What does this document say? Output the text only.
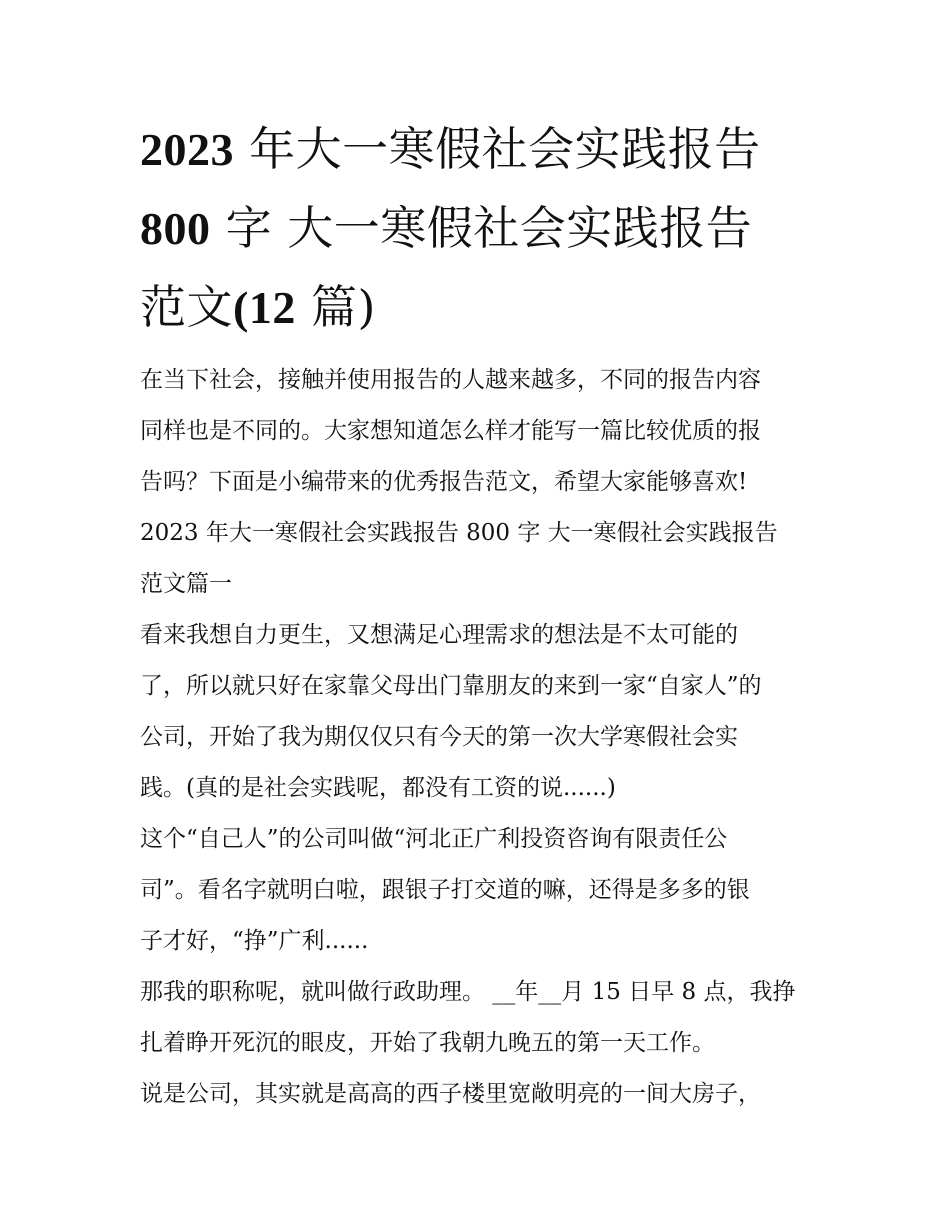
2023 年大一寒假社会实践报告
800 字 大一寒假社会实践报告
范文(12 篇)
在当下社会，接触并使用报告的人越来越多，不同的报告内容
同样也是不同的。大家想知道怎么样才能写一篇比较优质的报
告吗？下面是小编带来的优秀报告范文，希望大家能够喜欢!
2023 年大一寒假社会实践报告 800 字 大一寒假社会实践报告
范文篇一
看来我想自力更生，又想满足心理需求的想法是不太可能的
了，所以就只好在家靠父母出门靠朋友的来到一家“自家人”的
公司，开始了我为期仅仅只有今天的第一次大学寒假社会实
践。(真的是社会实践呢，都没有工资的说......)
这个“自己人”的公司叫做“河北正广利投资咨询有限责任公
司”。看名字就明白啦，跟银子打交道的嘛，还得是多多的银
子才好，“挣”广利......
那我的职称呢，就叫做行政助理。 __年__月 15 日早 8 点，我挣
扎着睁开死沉的眼皮，开始了我朝九晚五的第一天工作。
说是公司，其实就是高高的西子楼里宽敞明亮的一间大房子，
